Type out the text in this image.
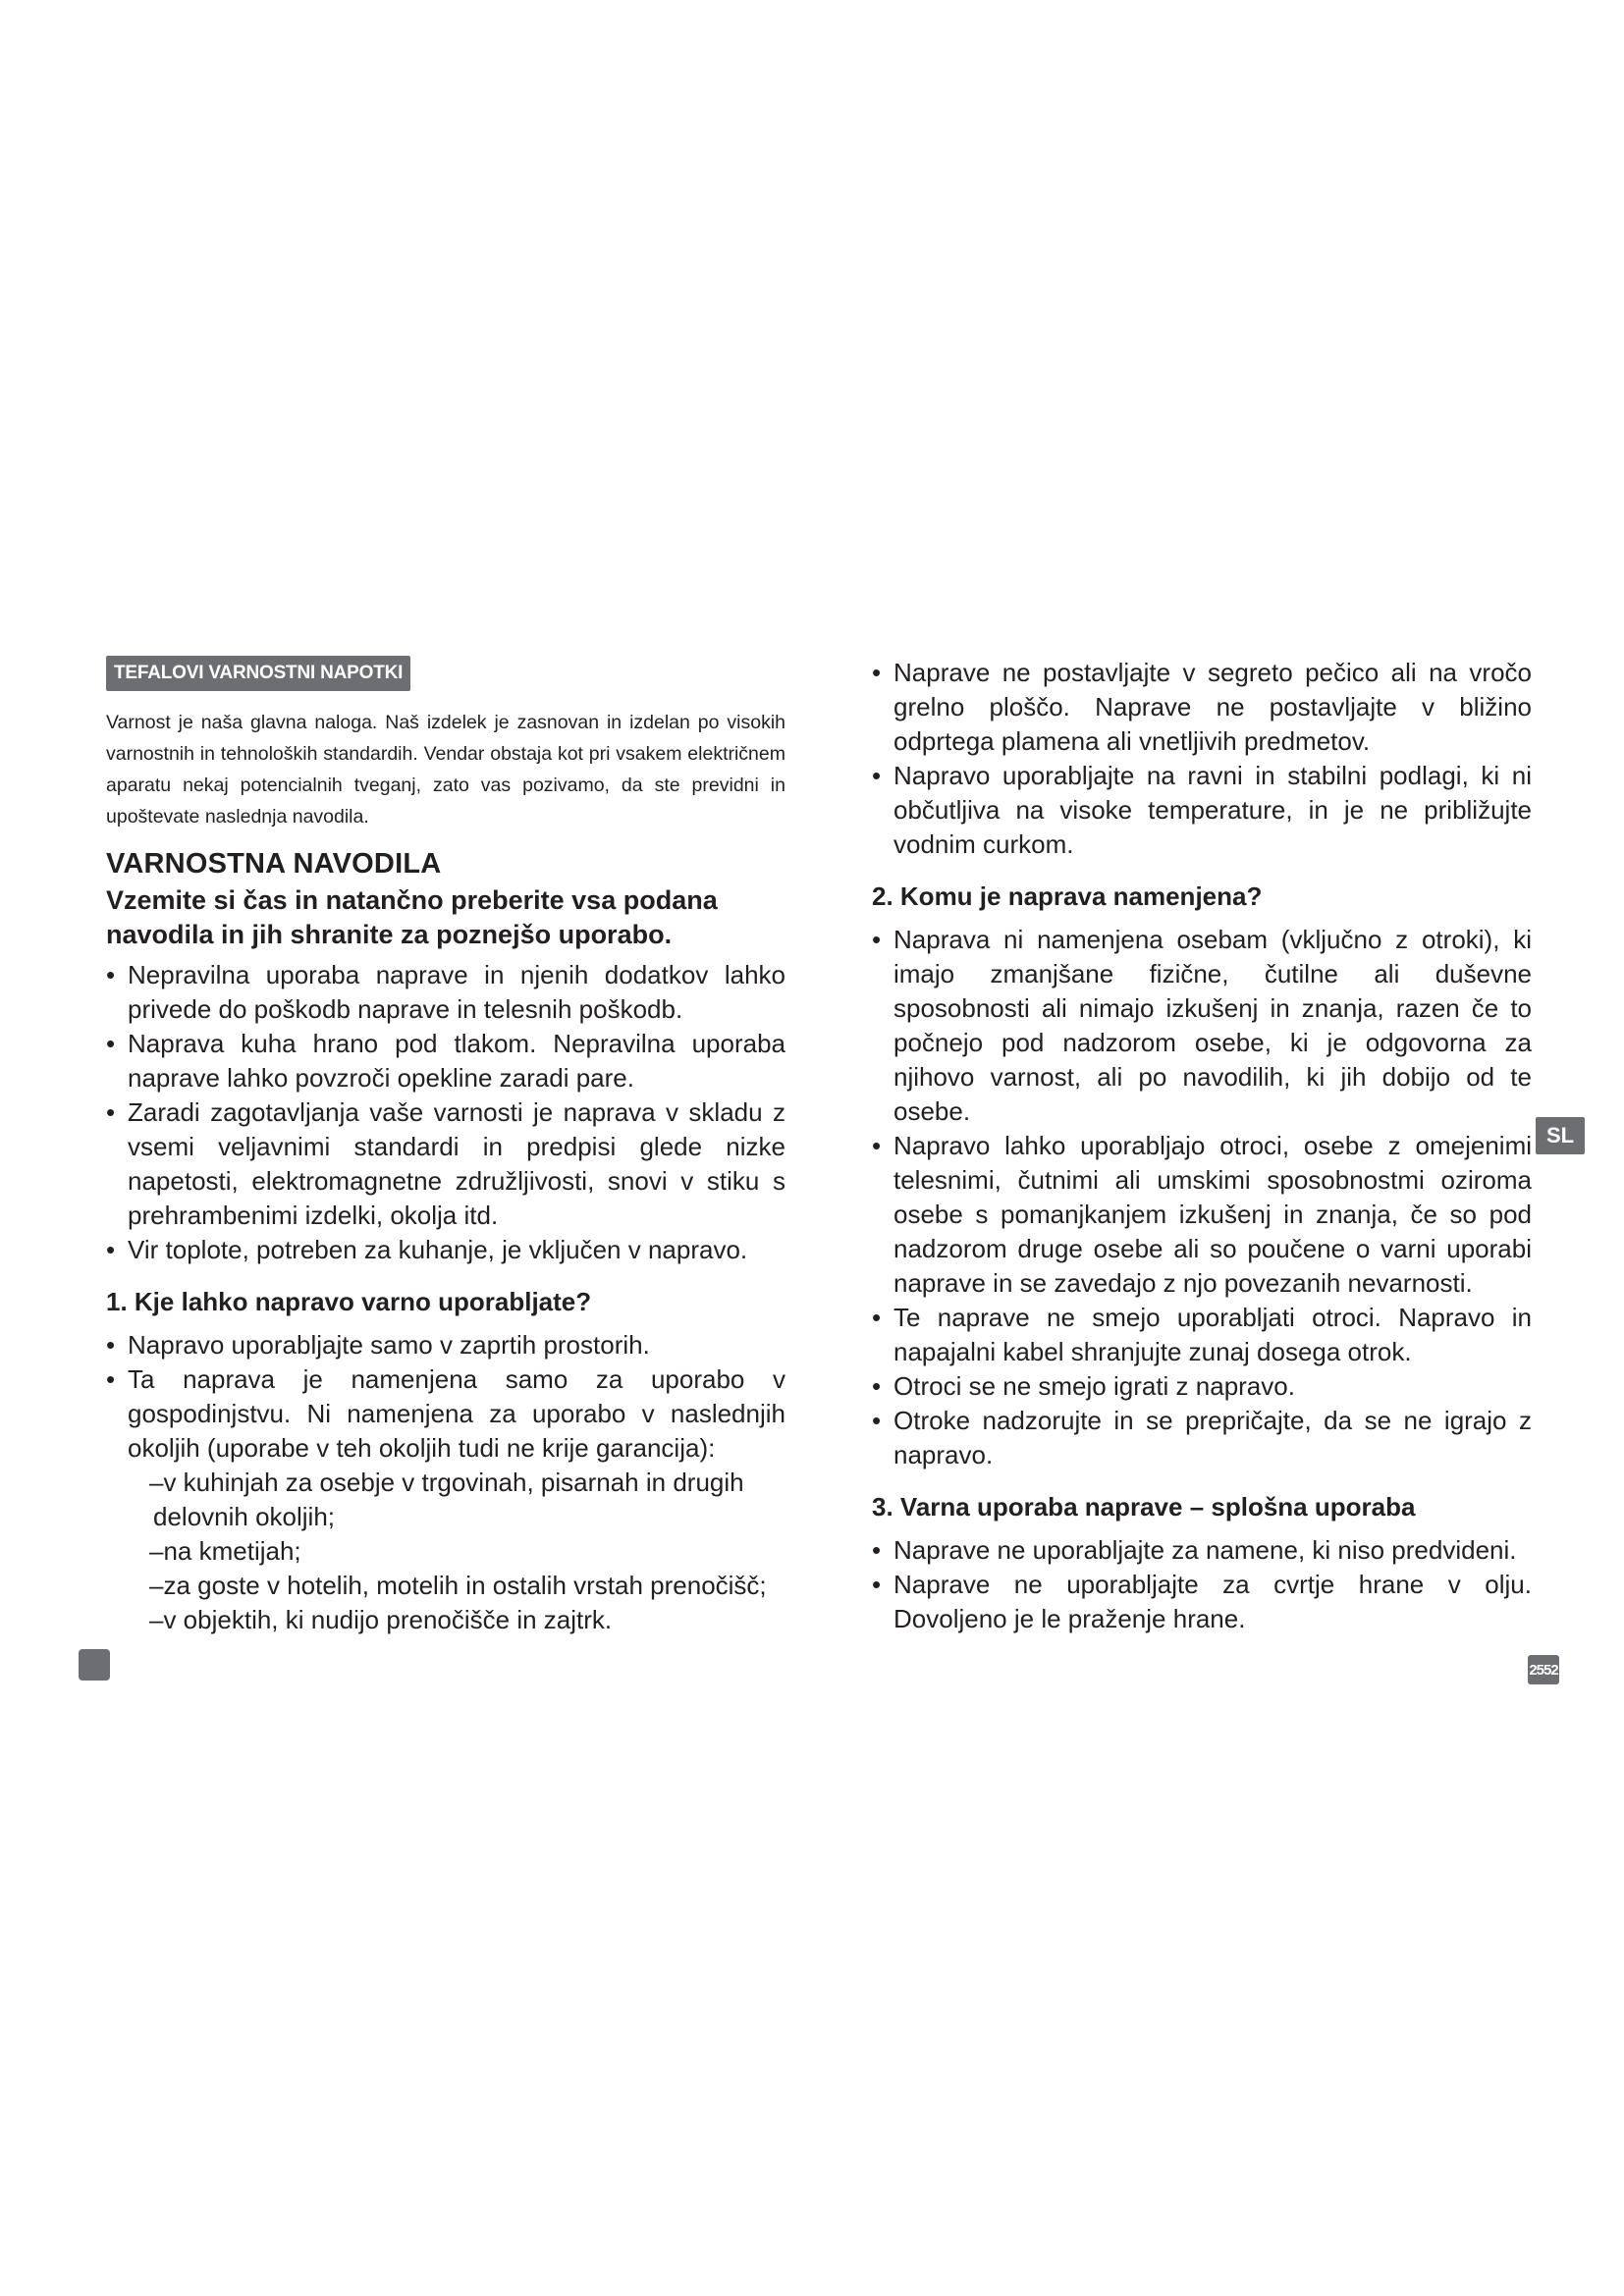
TEFALOVI VARNOSTNI NAPOTKI

Varnost je naša glavna naloga. Naš izdelek je zasnovan in izdelan po visokih varnostnih in tehnoloških standardih. Vendar obstaja kot pri vsakem električnem aparatu nekaj potencialnih tveganj, zato vas pozivamo, da ste previdni in upoštevate naslednja navodila.

VARNOSTNA NAVODILA
Vzemite si čas in natančno preberite vsa podana navodila in jih shranite za poznejšo uporabo.
• Nepravilna uporaba naprave in njenih dodatkov lahko privede do poškodb naprave in telesnih poškodb.
• Naprava kuha hrano pod tlakom. Nepravilna uporaba naprave lahko povzroči opekline zaradi pare.
• Zaradi zagotavljanja vaše varnosti je naprava v skladu z vsemi veljavnimi standardi in predpisi glede nizke napetosti, elektromagnetne združljivosti, snovi v stiku s prehrambenimi izdelki, okolja itd.
• Vir toplote, potreben za kuhanje, je vključen v napravo.
1. Kje lahko napravo varno uporabljate?
• Napravo uporabljajte samo v zaprtih prostorih.
• Ta naprava je namenjena samo za uporabo v gospodinjstvu. Ni namenjena za uporabo v naslednjih okoljih (uporabe v teh okoljih tudi ne krije garancija):
–v kuhinjah za osebje v trgovinah, pisarnah in drugih delovnih okoljih;
–na kmetijah;
–za goste v hotelih, motelih in ostalih vrstah prenočišč;
–v objektih, ki nudijo prenočišče in zajtrk.
• Naprave ne postavljajte v segreto pečico ali na vročo grelno ploščo. Naprave ne postavljajte v bližino odprtega plamena ali vnetljivih predmetov.
• Napravo uporabljajte na ravni in stabilni podlagi, ki ni občutljiva na visoke temperature, in je ne približujte vodnim curkom.
2. Komu je naprava namenjena?
• Naprava ni namenjena osebam (vključno z otroki), ki imajo zmanjšane fizične, čutilne ali duševne sposobnosti ali nimajo izkušenj in znanja, razen če to počnejo pod nadzorom osebe, ki je odgovorna za njihovo varnost, ali po navodilih, ki jih dobijo od te osebe.
• Napravo lahko uporabljajo otroci, osebe z omejenimi telesnimi, čutnimi ali umskimi sposobnostmi oziroma osebe s pomanjkanjem izkušenj in znanja, če so pod nadzorom druge osebe ali so poučene o varni uporabi naprave in se zavedajo z njo povezanih nevarnosti.
• Te naprave ne smejo uporabljati otroci. Napravo in napajalni kabel shranjujte zunaj dosega otrok.
• Otroci se ne smejo igrati z napravo.
• Otroke nadzorujte in se prepričajte, da se ne igrajo z napravo.
3. Varna uporaba naprave – splošna uporaba
• Naprave ne uporabljajte za namene, ki niso predvideni.
• Naprave ne uporabljajte za cvrtje hrane v olju. Dovoljeno je le praženje hrane.
SL
2552
